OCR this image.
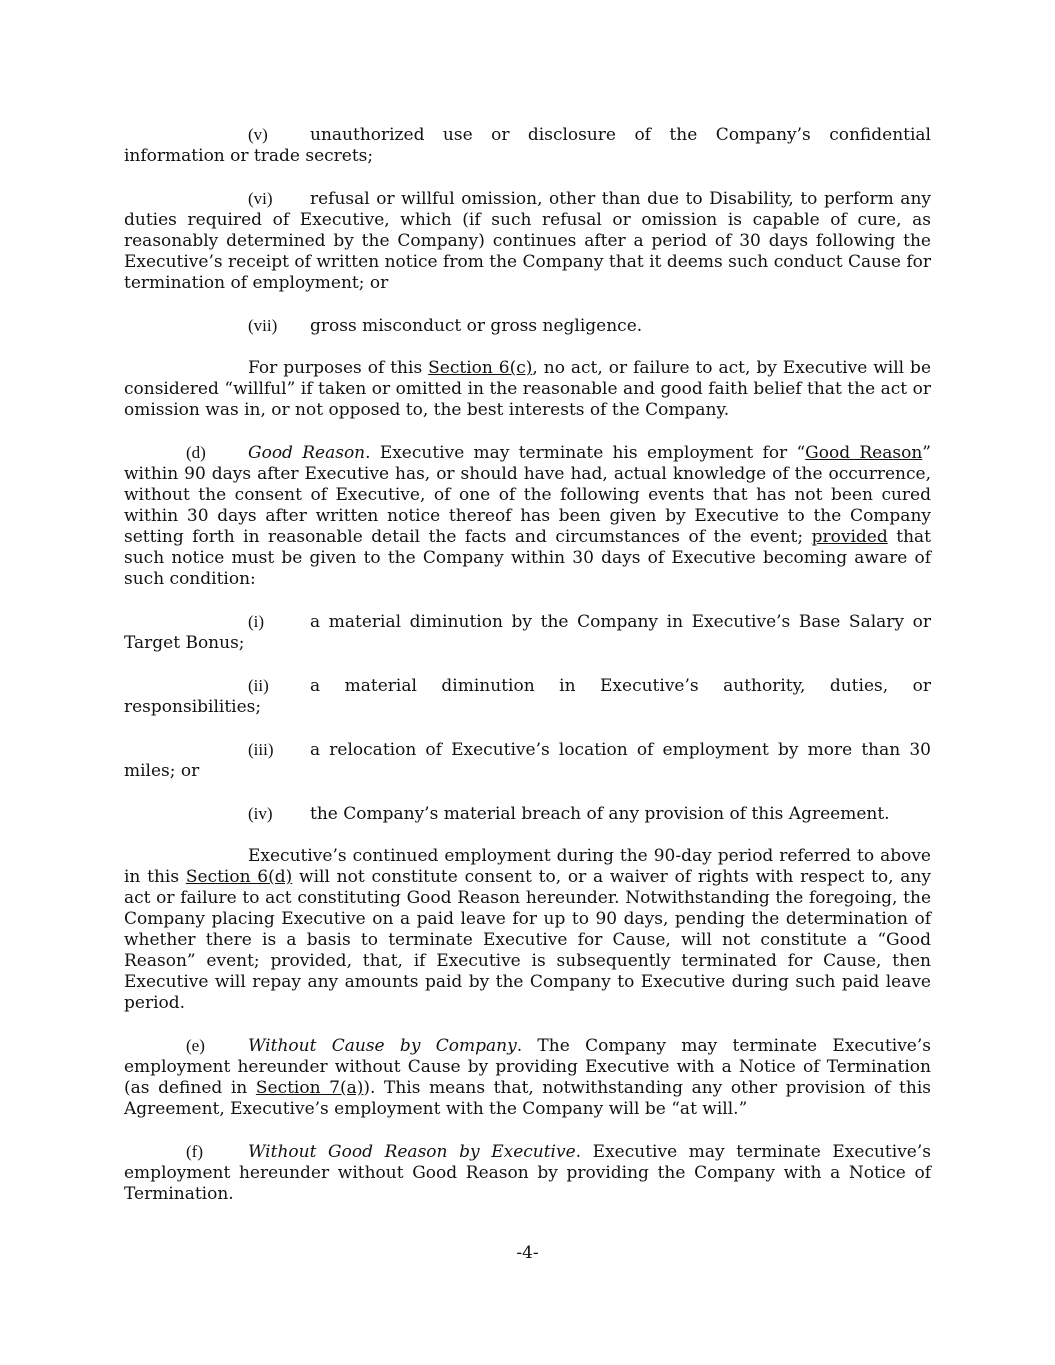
(v) unauthorized use or disclosure of the Company’s confidential information or trade secrets;

(vi) refusal or willful omission, other than due to Disability, to perform any duties required of Executive, which (if such refusal or omission is capable of cure, as reasonably determined by the Company) continues after a period of 30 days following the Executive’s receipt of written notice from the Company that it deems such conduct Cause for termination of employment; or

(vii) gross misconduct or gross negligence.

For purposes of this Section 6(c), no act, or failure to act, by Executive will be considered “willful” if taken or omitted in the reasonable and good faith belief that the act or omission was in, or not opposed to, the best interests of the Company.

(d) Good Reason. Executive may terminate his employment for “Good Reason” within 90 days after Executive has, or should have had, actual knowledge of the occurrence, without the consent of Executive, of one of the following events that has not been cured within 30 days after written notice thereof has been given by Executive to the Company setting forth in reasonable detail the facts and circumstances of the event; provided that such notice must be given to the Company within 30 days of Executive becoming aware of such condition:

(i)	a material diminution by the Company in Executive’s Base Salary or Target Bonus;

(ii) a material diminution in Executive’s authority, duties, or responsibilities;

(iii) a relocation of Executive’s location of employment by more than 30 miles; or

(iv) the Company’s material breach of any provision of this Agreement.

Executive’s continued employment during the 90-day period referred to above in this Section 6(d) will not constitute consent to, or a waiver of rights with respect to, any act or failure to act constituting Good Reason hereunder. Notwithstanding the foregoing, the Company placing Executive on a paid leave for up to 90 days, pending the determination of whether there is a basis to terminate Executive for Cause, will not constitute a “Good Reason” event; provided, that, if Executive is subsequently terminated for Cause, then Executive will repay any amounts paid by the Company to Executive during such paid leave period.

(e)	Without Cause by Company. The Company may terminate Executive’s employment hereunder without Cause by providing Executive with a Notice of Termination (as defined in Section 7(a)). This means that, notwithstanding any other provision of this Agreement, Executive’s employment with the Company will be “at will.”

(f)	Without Good Reason by Executive. Executive may terminate Executive’s employment hereunder without Good Reason by providing the Company with a Notice of Termination.

-4-
